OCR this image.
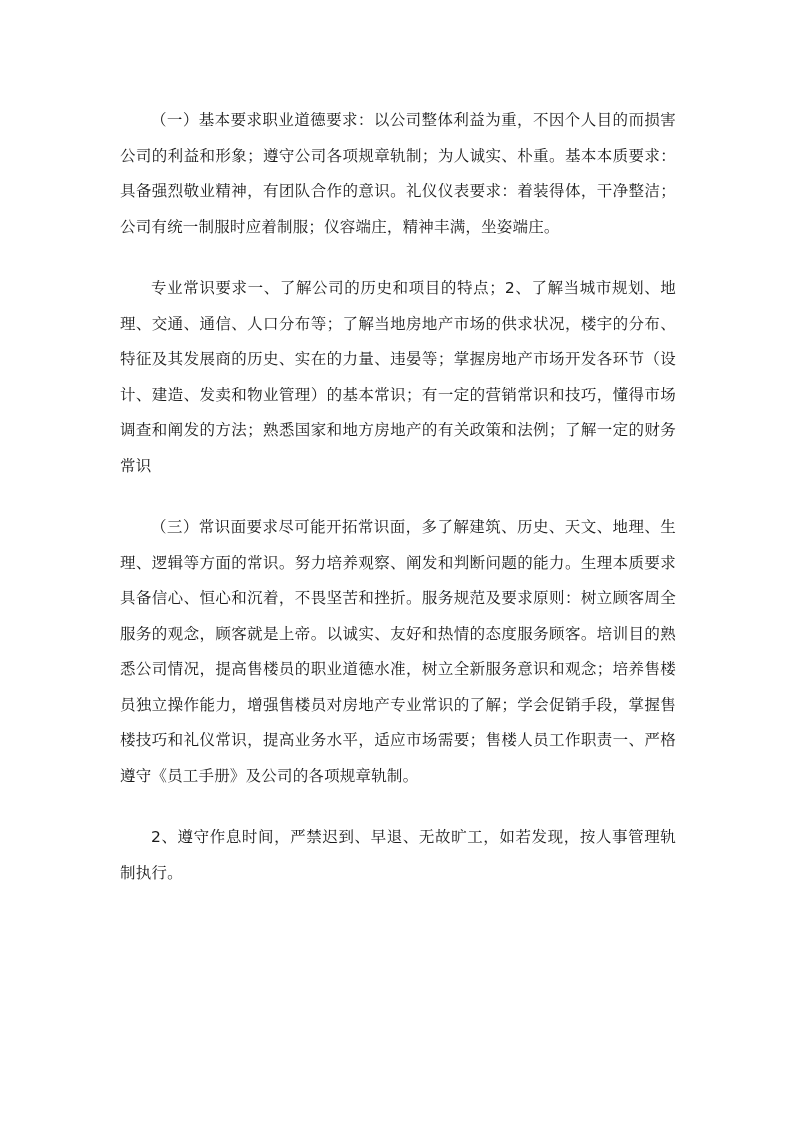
（一）基本要求职业道德要求：以公司整体利益为重，不因个人目的而损害公司的利益和形象；遵守公司各项规章轨制；为人诚实、朴重。基本本质要求：具备强烈敬业精神，有团队合作的意识。礼仪仪表要求：着装得体，干净整洁；公司有统一制服时应着制服；仪容端庄，精神丰满，坐姿端庄。

专业常识要求一、了解公司的历史和项目的特点；2、了解当城市规划、地理、交通、通信、人口分布等；了解当地房地产市场的供求状况，楼宇的分布、特征及其发展商的历史、实在的力量、违晏等；掌握房地产市场开发各环节（设计、建造、发卖和物业管理）的基本常识；有一定的营销常识和技巧，懂得市场调查和阐发的方法；熟悉国家和地方房地产的有关政策和法例；了解一定的财务常识

（三）常识面要求尽可能开拓常识面，多了解建筑、历史、天文、地理、生理、逻辑等方面的常识。努力培养观察、阐发和判断问题的能力。生理本质要求具备信心、恒心和沉着，不畏坚苦和挫折。服务规范及要求原则：树立顾客周全服务的观念，顾客就是上帝。以诚实、友好和热情的态度服务顾客。培训目的熟悉公司情况，提高售楼员的职业道德水准，树立全新服务意识和观念；培养售楼员独立操作能力，增强售楼员对房地产专业常识的了解；学会促销手段，掌握售楼技巧和礼仪常识，提高业务水平，适应市场需要；售楼人员工作职责一、严格遵守《员工手册》及公司的各项规章轨制。

2、遵守作息时间，严禁迟到、早退、无故旷工，如若发现，按人事管理轨制执行。
